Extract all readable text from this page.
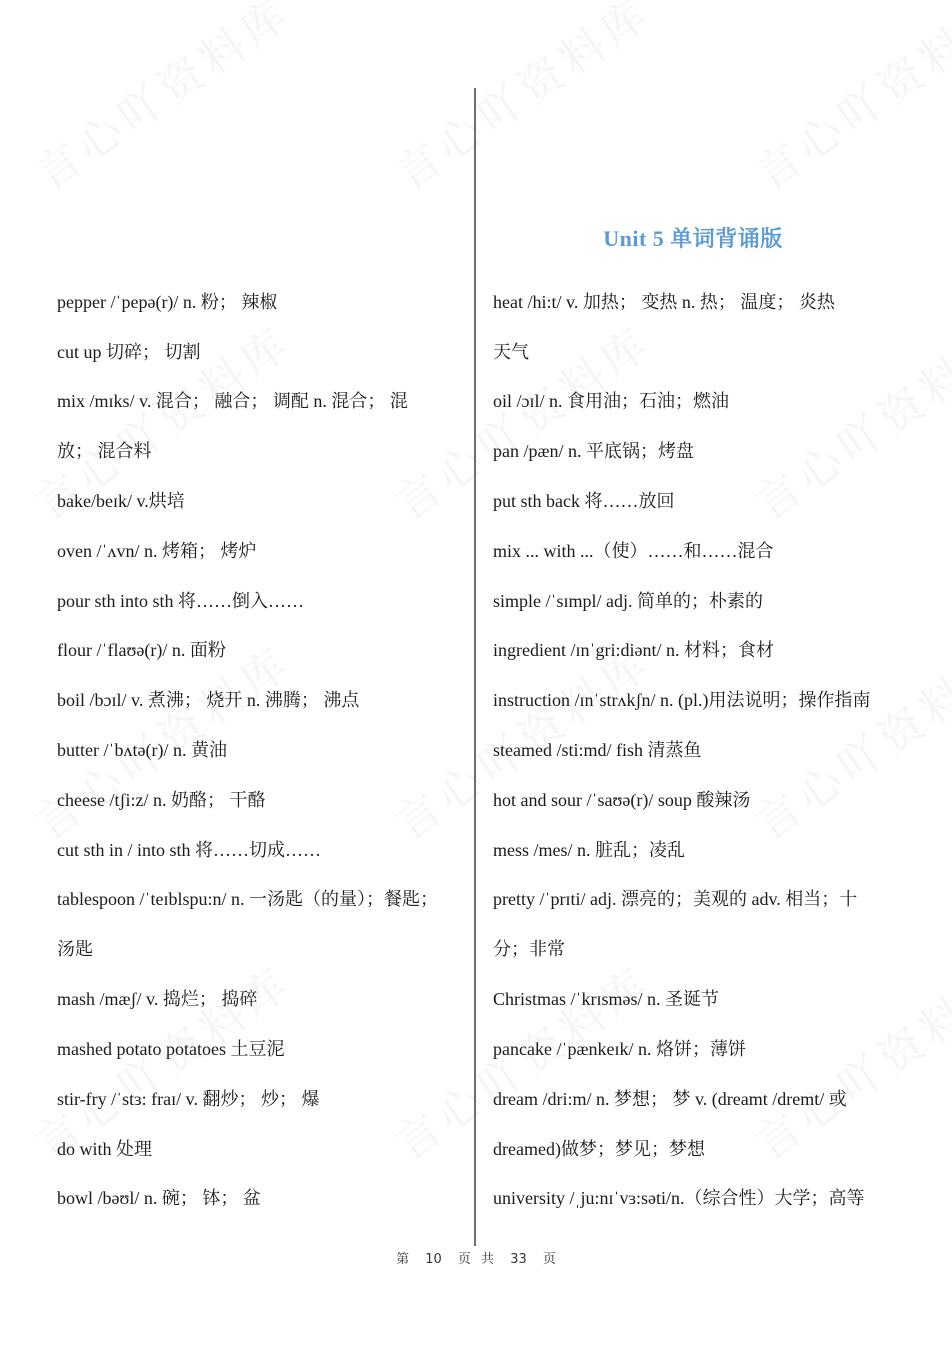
Unit 5 单词背诵版
pepper /ˈpepə(r)/ n. 粉； 辣椒
cut up 切碎； 切割
mix /mɪks/ v. 混合； 融合； 调配 n. 混合； 混
放； 混合料
bake/beɪk/ v.烘培
oven /ˈʌvn/ n. 烤箱； 烤炉
pour sth into sth 将……倒入……
flour /ˈflaʊə(r)/ n. 面粉
boil /bɔɪl/ v. 煮沸； 烧开 n. 沸腾； 沸点
butter /ˈbʌtə(r)/ n. 黄油
cheese /tʃi:z/ n. 奶酪； 干酪
cut sth in / into sth 将……切成……
tablespoon /ˈteɪblspu:n/ n. 一汤匙（的量）；餐匙；
汤匙
mash /mæʃ/ v. 捣烂； 捣碎
mashed potato potatoes 土豆泥
stir-fry /ˈstɜ: fraɪ/ v. 翻炒； 炒； 爆
do with 处理
bowl /bəʊl/ n. 碗； 钵； 盆
heat /hi:t/ v. 加热； 变热 n. 热； 温度； 炎热
天气
oil /ɔɪl/ n. 食用油；石油；燃油
pan /pæn/ n. 平底锅；烤盘
put sth back 将……放回
mix ... with ...（使）……和……混合
simple /ˈsɪmpl/ adj. 简单的；朴素的
ingredient /ɪnˈgri:diənt/ n. 材料；食材
instruction /ɪnˈstrʌkʃn/ n. (pl.)用法说明；操作指南
steamed /sti:md/ fish 清蒸鱼
hot and sour /ˈsaʊə(r)/ soup 酸辣汤
mess /mes/ n. 脏乱；凌乱
pretty /ˈprɪti/ adj. 漂亮的；美观的 adv. 相当；十
分；非常
Christmas /ˈkrɪsməs/ n. 圣诞节
pancake /ˈpænkeɪk/ n. 烙饼；薄饼
dream /dri:m/ n. 梦想； 梦 v. (dreamt /dremt/ 或
dreamed)做梦；梦见；梦想
university /ˌju:nɪˈvɜ:səti/n.（综合性）大学；高等
第 10 页 共 33 页
